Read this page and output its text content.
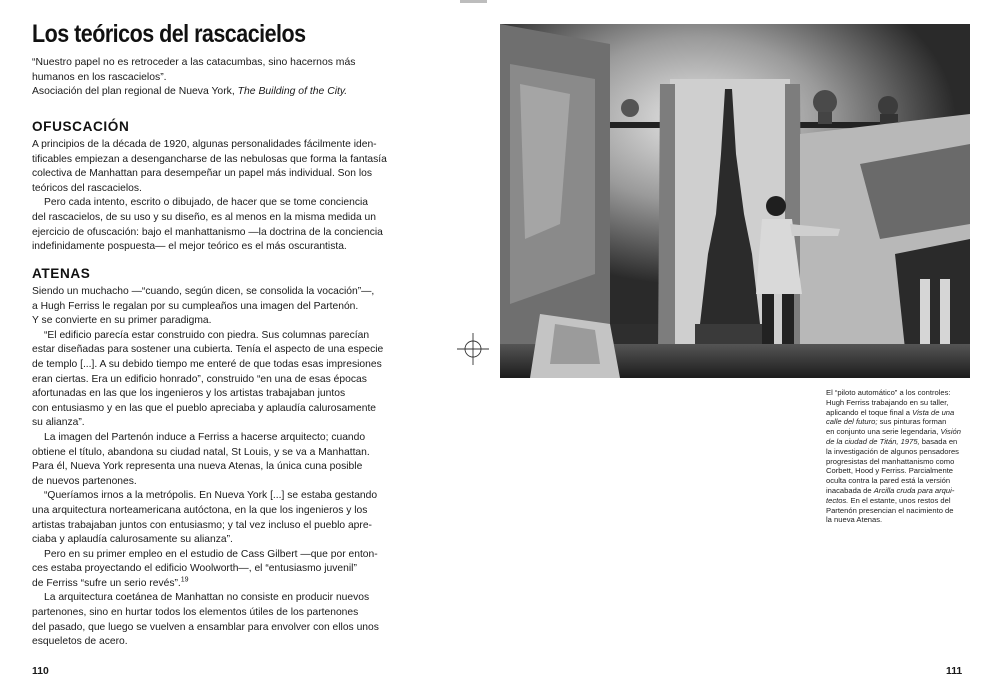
Los teóricos del rascacielos

“Nuestro papel no es retroceder a las catacumbas, sino hacernos más

humanos en los rascacielos”.

Asociación del plan regional de Nueva York, The Building of the City.

OFUSCACIÓN
A principios de la década de 1920, algunas personalidades fácilmente iden-
tificables empiezan a desengancharse de las nebulosas que forma la fantasía
colectiva de Manhattan para desempeñar un papel más individual. Son los
teóricos del rascacielos.
Pero cada intento, escrito o dibujado, de hacer que se tome conciencia
del rascacielos, de su uso y su diseño, es al menos en la misma medida un
ejercicio de ofuscación: bajo el manhattanismo —la doctrina de la conciencia
indefinidamente pospuesta— el mejor teórico es el más oscurantista.
ATENAS
Siendo un muchacho —“cuando, según dicen, se consolida la vocación”—,
a Hugh Ferriss le regalan por su cumpleaños una imagen del Partenón.
Y se convierte en su primer paradigma.
“El edificio parecía estar construido con piedra. Sus columnas parecían
estar diseñadas para sostener una cubierta. Tenía el aspecto de una especie
de templo [...]. A su debido tiempo me enteré de que todas esas impresiones
eran ciertas. Era un edificio honrado”, construido “en una de esas épocas
afortunadas en las que los ingenieros y los artistas trabajaban juntos
con entusiasmo y en las que el pueblo apreciaba y aplaudía calurosamente
su alianza”.
La imagen del Partenón induce a Ferriss a hacerse arquitecto; cuando
obtiene el título, abandona su ciudad natal, St Louis, y se va a Manhattan.
Para él, Nueva York representa una nueva Atenas, la única cuna posible
de nuevos partenones.
“Queríamos irnos a la metrópolis. En Nueva York [...] se estaba gestando
una arquitectura norteamericana autóctona, en la que los ingenieros y los
artistas trabajaban juntos con entusiasmo; y tal vez incluso el pueblo apre-
ciaba y aplaudía calurosamente su alianza”.
Pero en su primer empleo en el estudio de Cass Gilbert —que por enton-
ces estaba proyectando el edificio Woolworth—, el “entusiasmo juvenil”
de Ferriss “sufre un serio revés”.$^{19}$
La arquitectura coetánea de Manhattan no consiste en producir nuevos
partenones, sino en hurtar todos los elementos útiles de los partenones
del pasado, que luego se vuelven a ensamblar para envolver con ellos unos
esqueletos de acero.
110	111
El “piloto automático” a los controles:
Hugh Ferriss trabajando en su taller,
aplicando el toque final a Vista de una
calle del futuro; sus pinturas forman
en conjunto una serie legendaria, Visión
de la ciudad de Titán, 1975, basada en
la investigación de algunos pensadores
progresistas del manhattanismo como
Corbett, Hood y Ferriss. Parcialmente
oculta contra la pared está la versión
inacabada de Arcilla cruda para arqui-
tectos. En el estante, unos restos del
Partenón presencian el nacimiento de
la nueva Atenas.
